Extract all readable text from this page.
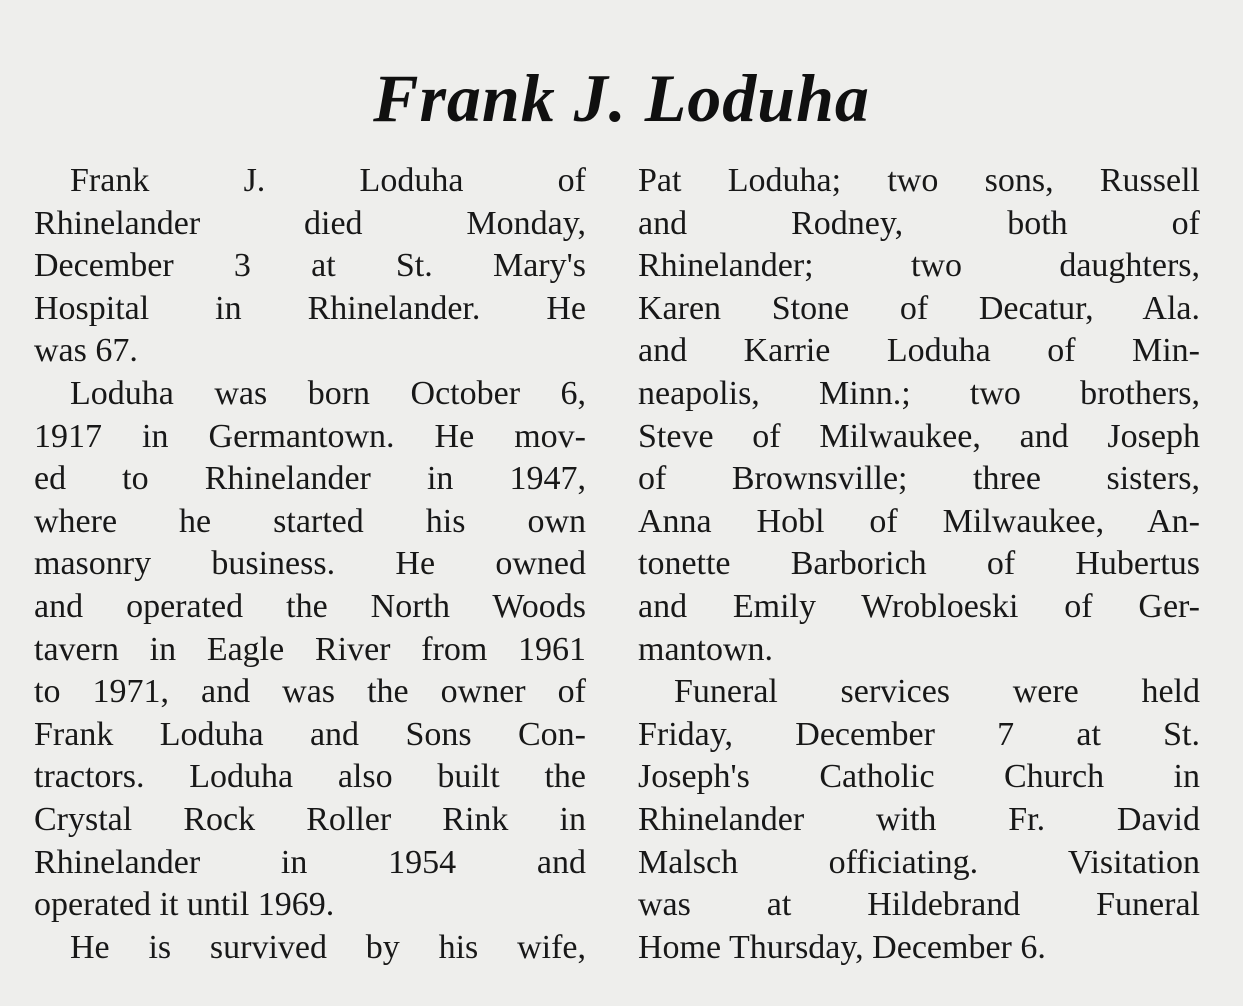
Frank J. Loduha
Frank J. Loduha of
Rhinelander died Monday,
December 3 at St. Mary's
Hospital in Rhinelander. He
was 67.
Loduha was born October 6,
1917 in Germantown. He mov-
ed to Rhinelander in 1947,
where he started his own
masonry business. He owned
and operated the North Woods
tavern in Eagle River from 1961
to 1971, and was the owner of
Frank Loduha and Sons Con-
tractors. Loduha also built the
Crystal Rock Roller Rink in
Rhinelander in 1954 and
operated it until 1969.
He is survived by his wife,
Pat Loduha; two sons, Russell
and Rodney, both of
Rhinelander; two daughters,
Karen Stone of Decatur, Ala.
and Karrie Loduha of Min-
neapolis, Minn.; two brothers,
Steve of Milwaukee, and Joseph
of Brownsville; three sisters,
Anna Hobl of Milwaukee, An-
tonette Barborich of Hubertus
and Emily Wrobloeski of Ger-
mantown.
Funeral services were held
Friday, December 7 at St.
Joseph's Catholic Church in
Rhinelander with Fr. David
Malsch officiating. Visitation
was at Hildebrand Funeral
Home Thursday, December 6.
